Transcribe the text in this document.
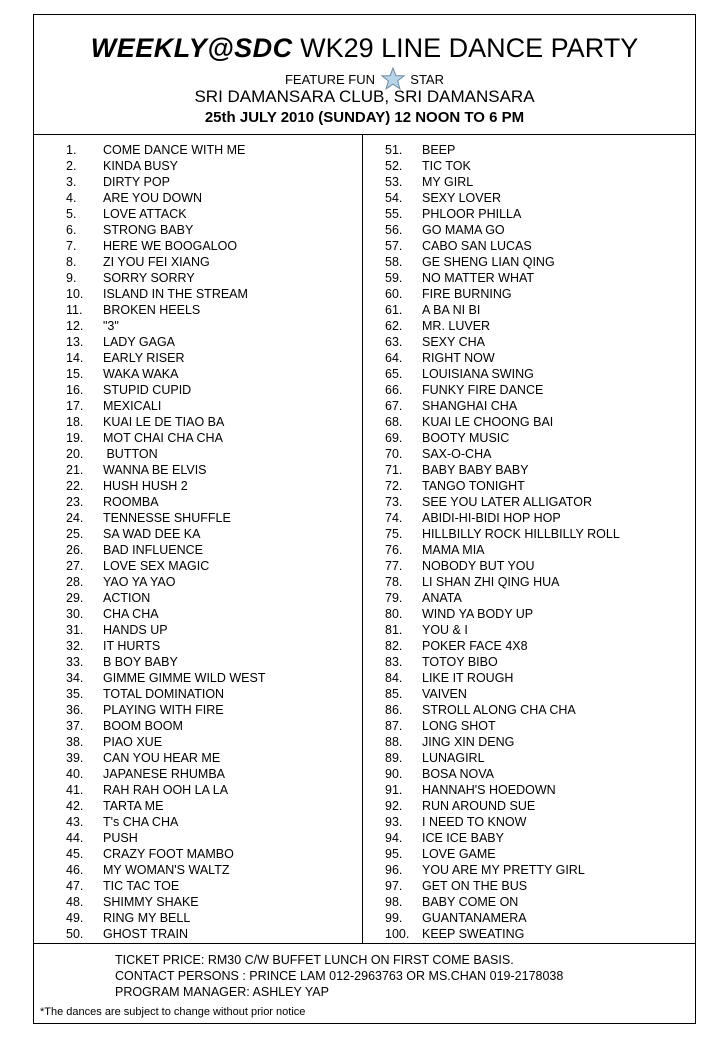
WEEKLY@SDC WK29 LINE DANCE PARTY
FEATURE FUN	STAR
SRI DAMANSARA CLUB, SRI DAMANSARA
25th JULY 2010 (SUNDAY) 12 NOON TO 6 PM
1. COME DANCE WITH ME
2. KINDA BUSY
3. DIRTY POP
4. ARE YOU DOWN
5. LOVE ATTACK
6. STRONG BABY
7. HERE WE BOOGALOO
8. ZI YOU FEI XIANG
9. SORRY SORRY
10. ISLAND IN THE STREAM
11. BROKEN HEELS
12. "3"
13. LADY GAGA
14. EARLY RISER
15. WAKA WAKA
16. STUPID CUPID
17. MEXICALI
18. KUAI LE DE TIAO BA
19. MOT CHAI CHA CHA
20. BUTTON
21. WANNA BE ELVIS
22. HUSH HUSH 2
23. ROOMBA
24. TENNESSE SHUFFLE
25. SA WAD DEE KA
26. BAD INFLUENCE
27. LOVE SEX MAGIC
28. YAO YA YAO
29. ACTION
30. CHA CHA
31. HANDS UP
32. IT HURTS
33. B BOY BABY
34. GIMME GIMME WILD WEST
35. TOTAL DOMINATION
36. PLAYING WITH FIRE
37. BOOM BOOM
38. PIAO XUE
39. CAN YOU HEAR ME
40. JAPANESE RHUMBA
41. RAH RAH OOH LA LA
42. TARTA ME
43. T's CHA CHA
44. PUSH
45. CRAZY FOOT MAMBO
46. MY WOMAN'S WALTZ
47. TIC TAC TOE
48. SHIMMY SHAKE
49. RING MY BELL
50. GHOST TRAIN
51. BEEP
52. TIC TOK
53. MY GIRL
54. SEXY LOVER
55. PHLOOR PHILLA
56. GO MAMA GO
57. CABO SAN LUCAS
58. GE SHENG LIAN QING
59. NO MATTER WHAT
60. FIRE BURNING
61. A BA NI BI
62. MR. LUVER
63. SEXY CHA
64. RIGHT NOW
65. LOUISIANA SWING
66. FUNKY FIRE DANCE
67. SHANGHAI CHA
68. KUAI LE CHOONG BAI
69. BOOTY MUSIC
70. SAX-O-CHA
71. BABY BABY BABY
72. TANGO TONIGHT
73. SEE YOU LATER ALLIGATOR
74. ABIDI-HI-BIDI HOP HOP
75. HILLBILLY ROCK HILLBILLY ROLL
76. MAMA MIA
77. NOBODY BUT YOU
78. LI SHAN ZHI QING HUA
79. ANATA
80. WIND YA BODY UP
81. YOU & I
82. POKER FACE 4X8
83. TOTOY BIBO
84. LIKE IT ROUGH
85. VAIVEN
86. STROLL ALONG CHA CHA
87. LONG SHOT
88. JING XIN DENG
89. LUNAGIRL
90. BOSA NOVA
91. HANNAH'S HOEDOWN
92. RUN AROUND SUE
93. I NEED TO KNOW
94. ICE ICE BABY
95. LOVE GAME
96. YOU ARE MY PRETTY GIRL
97. GET ON THE BUS
98. BABY COME ON
99. GUANTANAMERA
100. KEEP SWEATING
TICKET PRICE: RM30 C/W BUFFET LUNCH ON FIRST COME BASIS.
CONTACT PERSONS : PRINCE LAM 012-2963763 OR MS.CHAN 019-2178038
PROGRAM MANAGER: ASHLEY YAP
*The dances are subject to change without prior notice
